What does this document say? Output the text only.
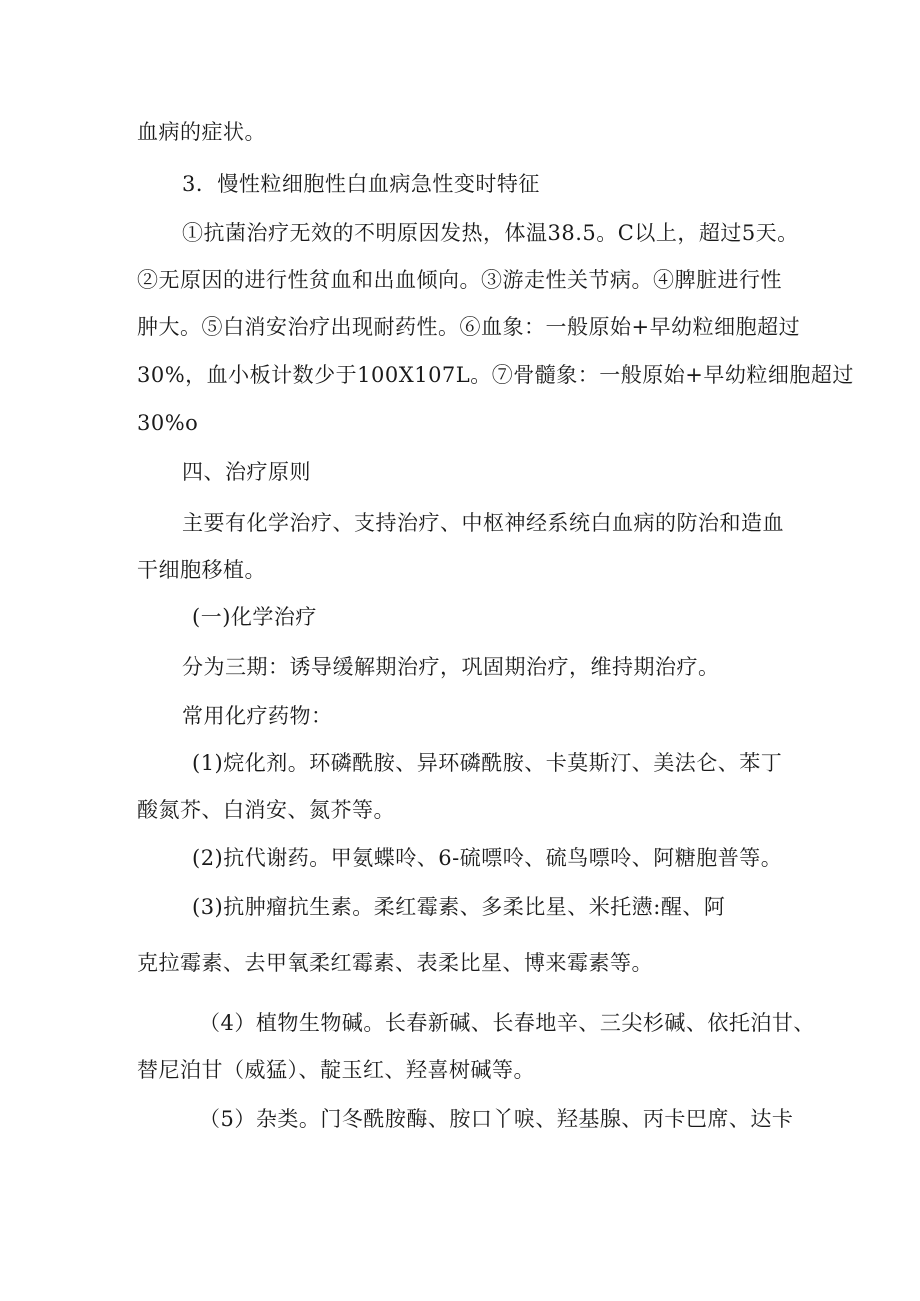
血病的症状。
3．慢性粒细胞性白血病急性变时特征
①抗菌治疗无效的不明原因发热，体温38.5。C以上，超过5天。
②无原因的进行性贫血和出血倾向。③游走性关节病。④脾脏进行性
肿大。⑤白消安治疗出现耐药性。⑥血象：一般原始+早幼粒细胞超过
30%，血小板计数少于100X107L。⑦骨髓象：一般原始+早幼粒细胞超过
30%o
四、治疗原则
主要有化学治疗、支持治疗、中枢神经系统白血病的防治和造血
干细胞移植。
(一)化学治疗
分为三期：诱导缓解期治疗，巩固期治疗，维持期治疗。
常用化疗药物：
(1)烷化剂。环磷酰胺、异环磷酰胺、卡莫斯汀、美法仑、苯丁
酸氮芥、白消安、氮芥等。
(2)抗代谢药。甲氨蝶呤、6-硫嘌呤、硫鸟嘌呤、阿糖胞普等。
(3)抗肿瘤抗生素。柔红霉素、多柔比星、米托懑:醒、阿
克拉霉素、去甲氧柔红霉素、表柔比星、博来霉素等。
（4）植物生物碱。长春新碱、长春地辛、三尖杉碱、依托泊甘、
替尼泊甘（威猛）、靛玉红、羟喜树碱等。
（5）杂类。门冬酰胺酶、胺口丫唳、羟基腺、丙卡巴席、达卡
